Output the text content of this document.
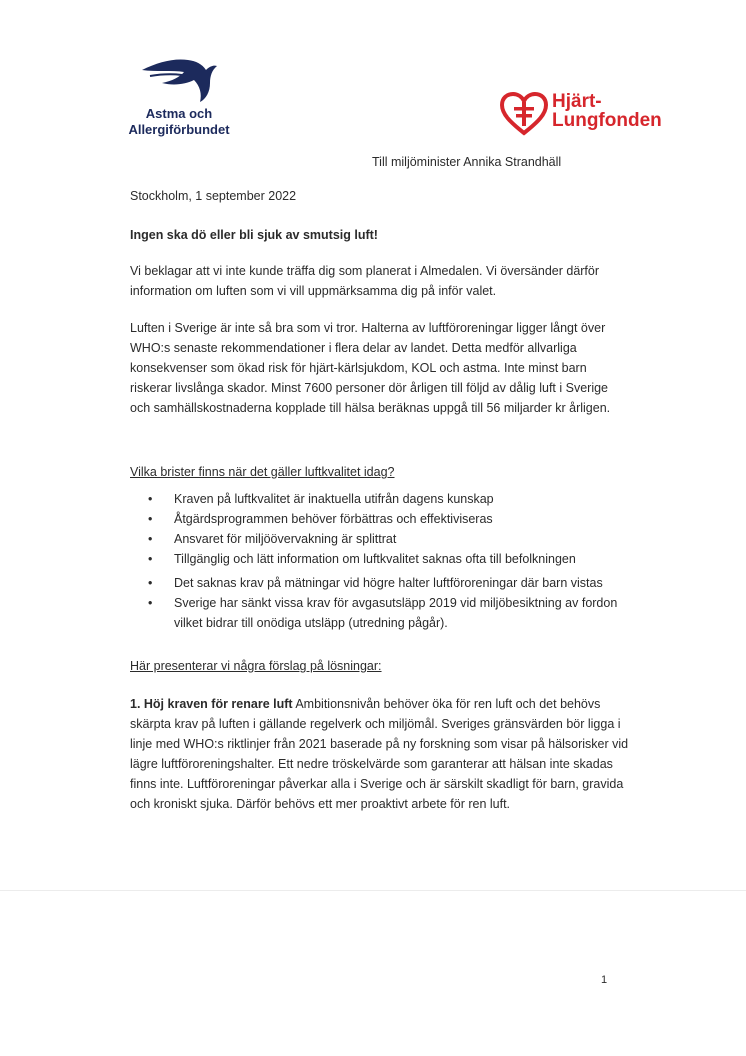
Astma och
Allergiförbundet
Hjärt-
Lungfonden

Till miljöminister Annika Strandhäll

Stockholm, 1 september 2022

Ingen ska dö eller bli sjuk av smutsig luft!

Vi beklagar att vi inte kunde träffa dig som planerat i Almedalen. Vi översänder därför information om luften som vi vill uppmärksamma dig på inför valet.

Luften i Sverige är inte så bra som vi tror. Halterna av luftföroreningar ligger långt över WHO:s senaste rekommendationer i flera delar av landet. Detta medför allvarliga konsekvenser som ökad risk för hjärt-kärlsjukdom, KOL och astma. Inte minst barn riskerar livslånga skador. Minst 7600 personer dör årligen till följd av dålig luft i Sverige och samhällskostnaderna kopplade till hälsa beräknas uppgå till 56 miljarder kr årligen.

Vilka brister finns när det gäller luftkvalitet idag?

• Kraven på luftkvalitet är inaktuella utifrån dagens kunskap
• Åtgärdsprogrammen behöver förbättras och effektiviseras
• Ansvaret för miljöövervakning är splittrat
• Tillgänglig och lätt information om luftkvalitet saknas ofta till befolkningen
• Det saknas krav på mätningar vid högre halter luftföroreningar där barn vistas
• Sverige har sänkt vissa krav för avgasutsläpp 2019 vid miljöbesiktning av fordon vilket bidrar till onödiga utsläpp (utredning pågår).

Här presenterar vi några förslag på lösningar:

1. Höj kraven för renare luft Ambitionsnivån behöver öka för ren luft och det behövs skärpta krav på luften i gällande regelverk och miljömål. Sveriges gränsvärden bör ligga i linje med WHO:s riktlinjer från 2021 baserade på ny forskning som visar på hälsorisker vid lägre luftföroreningshalter. Ett nedre tröskelvärde som garanterar att hälsan inte skadas finns inte. Luftföroreningar påverkar alla i Sverige och är särskilt skadligt för barn, gravida och kroniskt sjuka. Därför behövs ett mer proaktivt arbete för ren luft.

1
